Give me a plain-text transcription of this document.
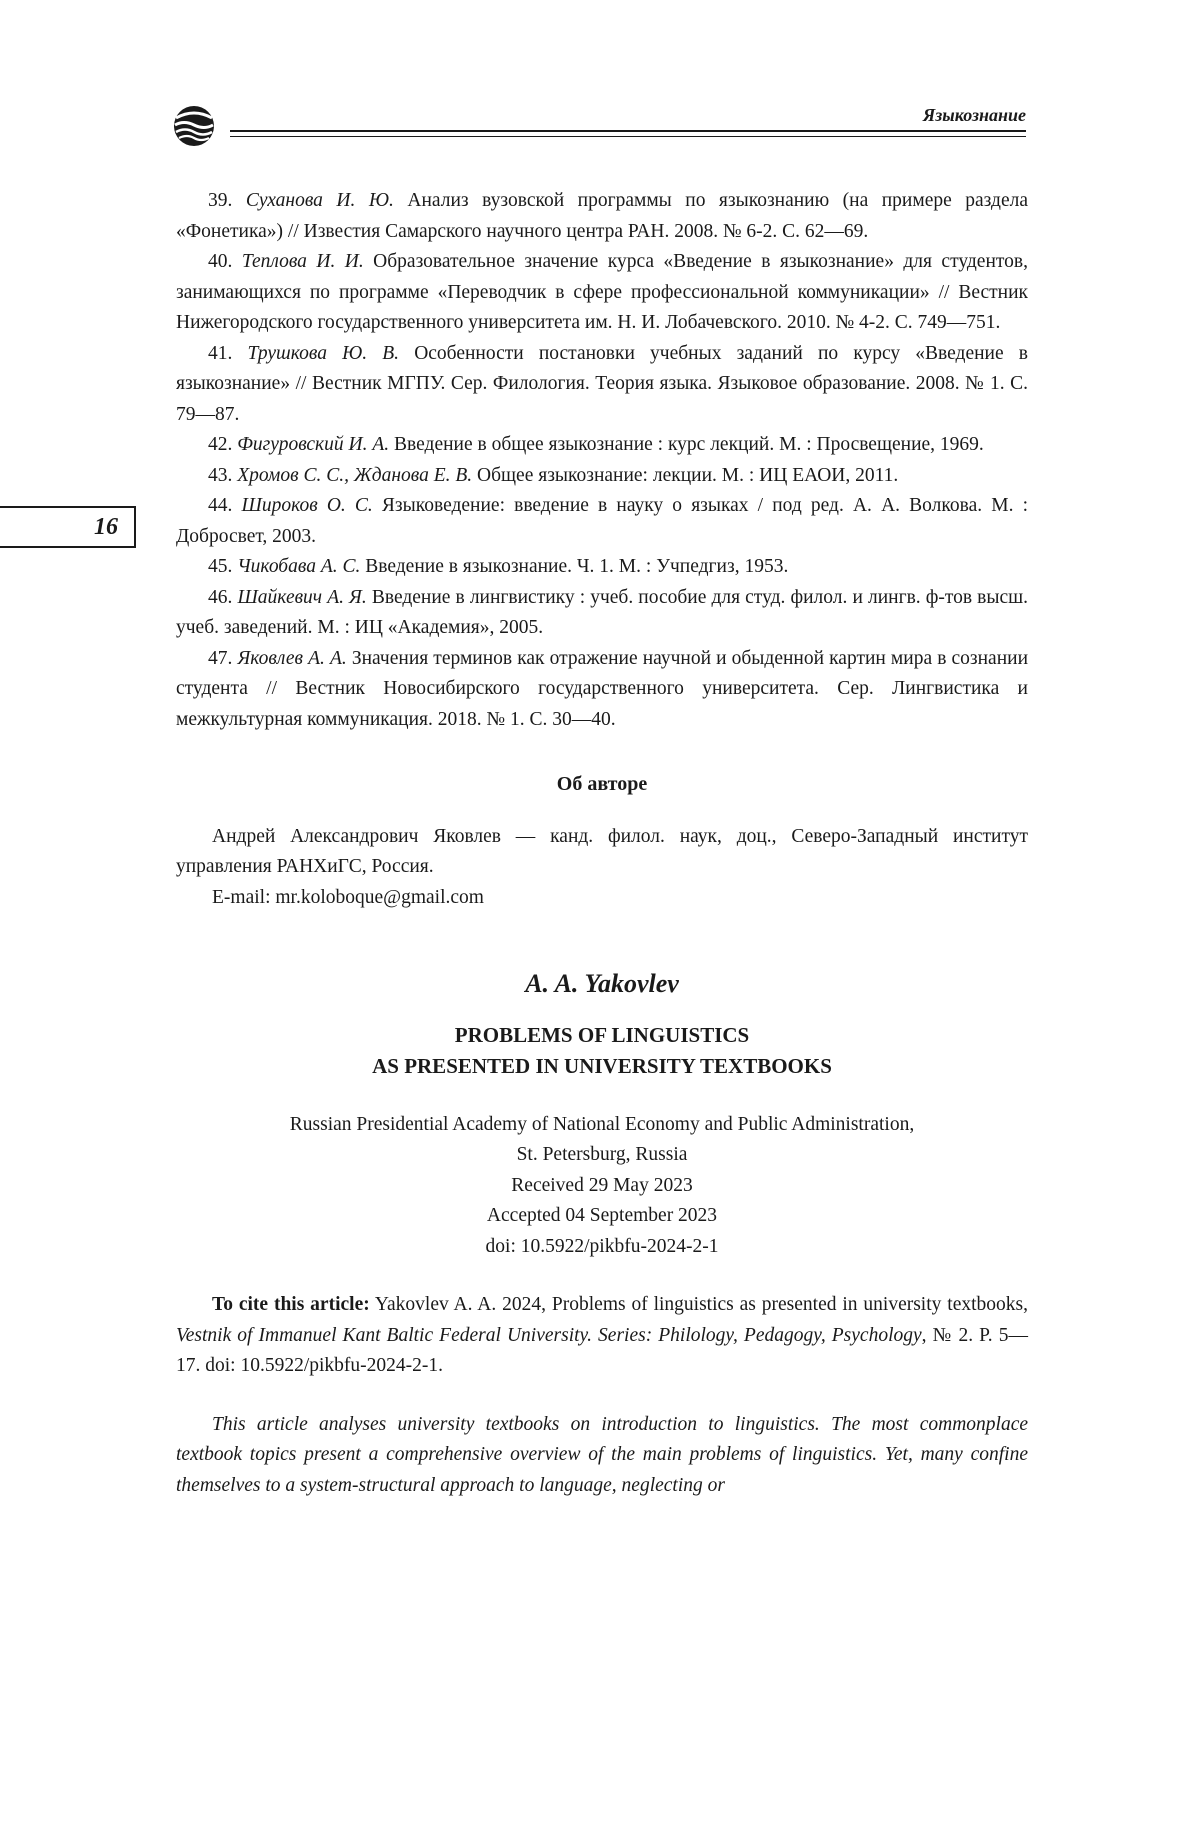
Языкознание
16

39. Суханова И. Ю. Анализ вузовской программы по языкознанию (на примере раздела «Фонетика») // Известия Самарского научного центра РАН. 2008. № 6-2. С. 62—69.

40. Теплова И. И. Образовательное значение курса «Введение в языкознание» для студентов, занимающихся по программе «Переводчик в сфере профессиональной коммуникации» // Вестник Нижегородского государственного университета им. Н. И. Лобачевского. 2010. № 4-2. С. 749—751.

41. Трушкова Ю. В. Особенности постановки учебных заданий по курсу «Введение в языкознание» // Вестник МГПУ. Сер. Филология. Теория языка. Языковое образование. 2008. № 1. С. 79—87.

42. Фигуровский И. А. Введение в общее языкознание : курс лекций. М. : Просвещение, 1969.

43. Хромов С. С., Жданова Е. В. Общее языкознание: лекции. М. : ИЦ ЕАОИ, 2011.

44. Широков О. С. Языковедение: введение в науку о языках / под ред. А. А. Волкова. М. : Добросвет, 2003.

45. Чикобава А. С. Введение в языкознание. Ч. 1. М. : Учпедгиз, 1953.

46. Шайкевич А. Я. Введение в лингвистику : учеб. пособие для студ. филол. и лингв. ф-тов высш. учеб. заведений. М. : ИЦ «Академия», 2005.

47. Яковлев А. А. Значения терминов как отражение научной и обыденной картин мира в сознании студента // Вестник Новосибирского государственного университета. Сер. Лингвистика и межкультурная коммуникация. 2018. № 1. С. 30—40.

Об авторе

Андрей Александрович Яковлев — канд. филол. наук, доц., Северо-Западный институт управления РАНХиГС, Россия.

E-mail: mr.koloboque@gmail.com

A. A. Yakovlev
PROBLEMS OF LINGUISTICS
AS PRESENTED IN UNIVERSITY TEXTBOOKS
Russian Presidential Academy of National Economy and Public Administration,
St. Petersburg, Russia
Received 29 May 2023
Accepted 04 September 2023
doi: 10.5922/pikbfu-2024-2-1

To cite this article: Yakovlev A. A. 2024, Problems of linguistics as presented in university textbooks, Vestnik of Immanuel Kant Baltic Federal University. Series: Philology, Pedagogy, Psychology, № 2. P. 5—17. doi: 10.5922/pikbfu-2024-2-1.

This article analyses university textbooks on introduction to linguistics. The most commonplace textbook topics present a comprehensive overview of the main problems of linguistics. Yet, many confine themselves to a system-structural approach to language, neglecting or
